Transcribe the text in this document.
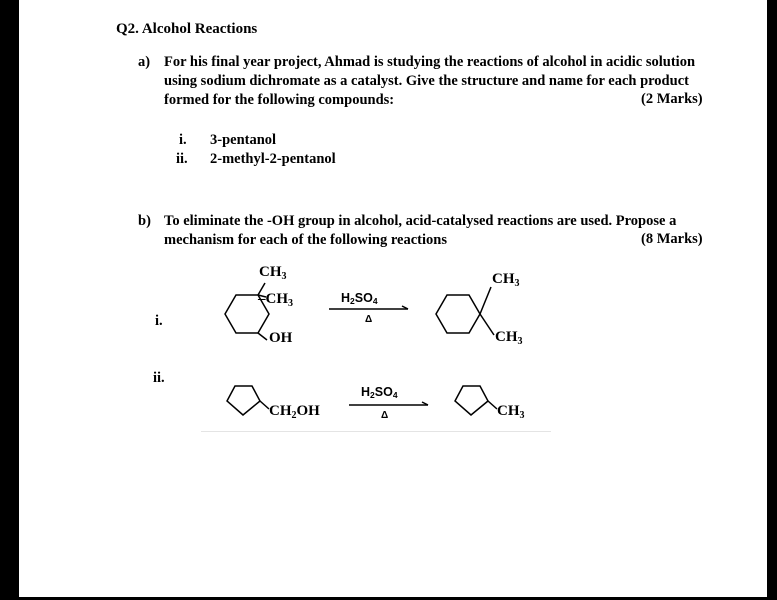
Q2. Alcohol Reactions
a) For his final year project, Ahmad is studying the reactions of alcohol in acidic solution
using sodium dichromate as a catalyst. Give the structure and name for each product
formed for the following compounds:	(2 Marks)
i. 3-pentanol
ii. 2-methyl-2-pentanol
b) To eliminate the -OH group in alcohol, acid-catalysed reactions are used. Propose a
mechanism for each of the following reactions	(8 Marks)
i.
$CH_3$
$-CH_3$
OH
$H_2SO_4$
Δ
$CH_3$
$CH_3$
ii.
$CH_2OH$
$H_2SO_4$
Δ	$CH_3$
